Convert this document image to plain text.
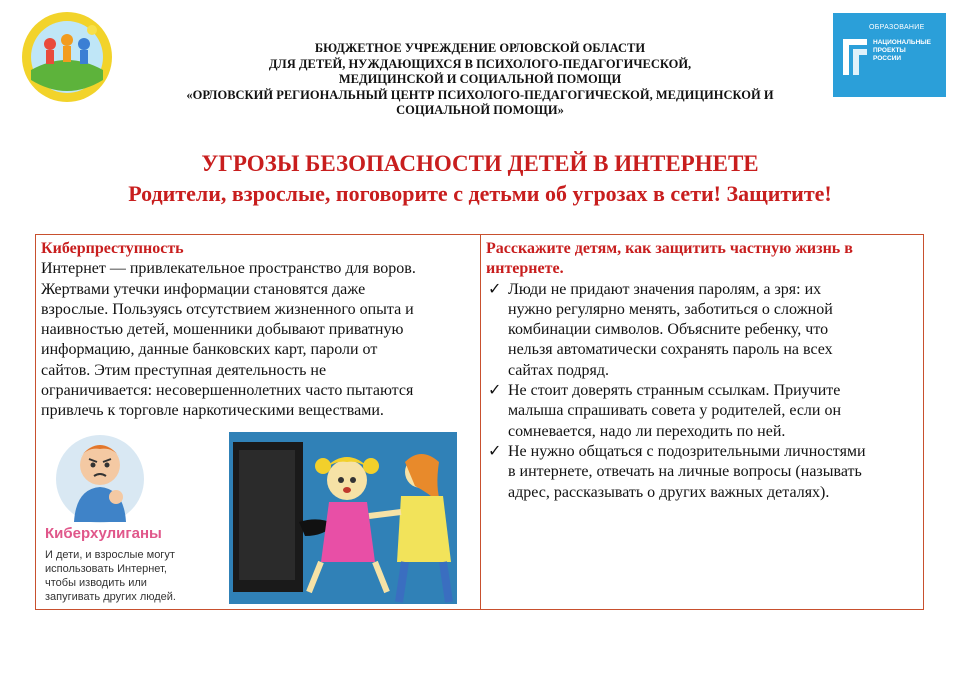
ОБРАЗОВАНИЕ
НАЦИОНАЛЬНЫЕ
ПРОЕКТЫ
РОССИИ
БЮДЖЕТНОЕ УЧРЕЖДЕНИЕ ОРЛОВСКОЙ ОБЛАСТИ
ДЛЯ ДЕТЕЙ, НУЖДАЮЩИХСЯ В ПСИХОЛОГО-ПЕДАГОГИЧЕСКОЙ,
МЕДИЦИНСКОЙ И СОЦИАЛЬНОЙ ПОМОЩИ
«ОРЛОВСКИЙ РЕГИОНАЛЬНЫЙ ЦЕНТР ПСИХОЛОГО-ПЕДАГОГИЧЕСКОЙ, МЕДИЦИНСКОЙ И
СОЦИАЛЬНОЙ ПОМОЩИ»
УГРОЗЫ БЕЗОПАСНОСТИ ДЕТЕЙ В ИНТЕРНЕТЕ
Родители, взрослые, поговорите с детьми об угрозах в сети! Защитите!
Киберпреступность
Интернет — привлекательное пространство для воров.
Жертвами утечки информации становятся даже
взрослые. Пользуясь отсутствием жизненного опыта и
наивностью детей, мошенники добывают приватную
информацию, данные банковских карт, пароли от
сайтов. Этим преступная деятельность не
ограничивается: несовершеннолетних часто пытаются
привлечь к торговле наркотическими веществами.
Киберхулиганы
И дети, и взрослые могут
использовать Интернет,
чтобы изводить или
запугивать других людей.
Расскажите детям, как защитить частную жизнь в
интернете.
✓ Люди не придают значения паролям, а зря: их
нужно регулярно менять, заботиться о сложной
комбинации символов. Объясните ребенку, что
нельзя автоматически сохранять пароль на всех
сайтах подряд.
✓ Не стоит доверять странным ссылкам. Приучите
малыша спрашивать совета у родителей, если он
сомневается, надо ли переходить по ней.
✓ Не нужно общаться с подозрительными личностями
в интернете, отвечать на личные вопросы (называть
адрес, рассказывать о других важных деталях).
